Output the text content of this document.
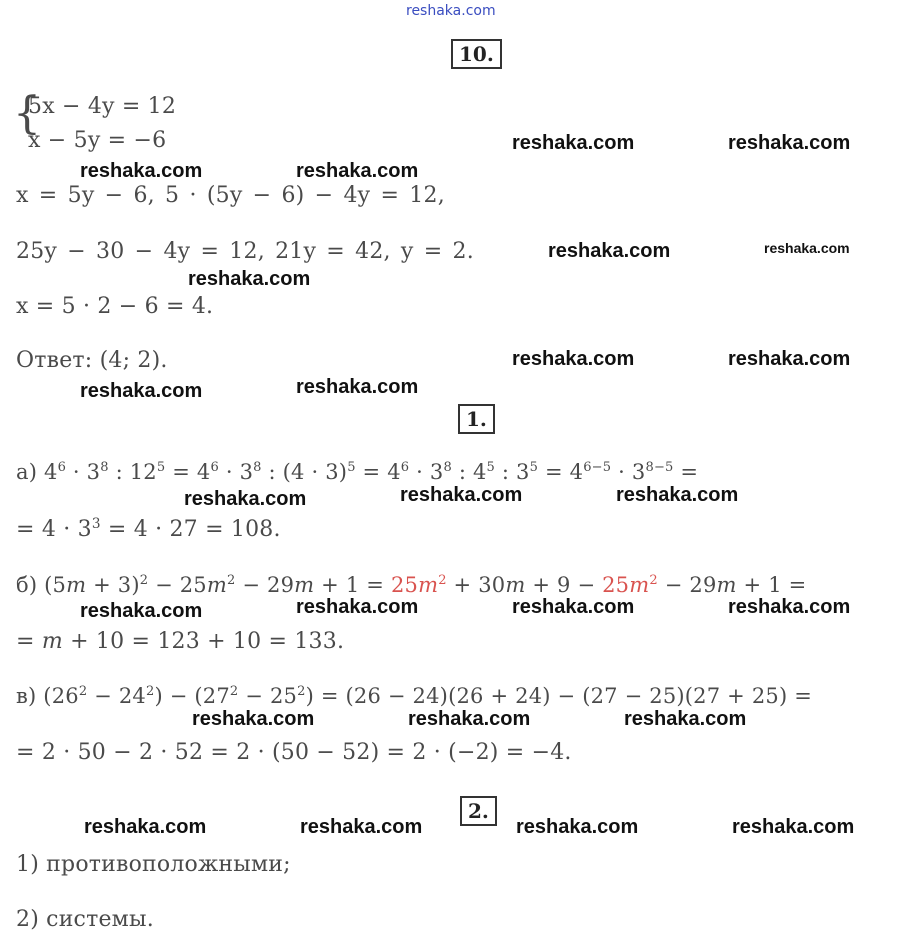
reshaka.com
10.
{
5x − 4y = 12
x − 5y = −6
x = 5y − 6, 5 · (5y − 6) − 4y = 12,
25y − 30 − 4y = 12, 21y = 42, y = 2.
x = 5 · 2 − 6 = 4.
Ответ: (4; 2).
1.
а) $4^6 \cdot 3^8$ : $12^5 = 4^6 \cdot 3^8$ : $(4 \cdot 3)^5 = 4^6 \cdot 3^8$ : $4^5$ : $3^5 = 4^{6-5} \cdot 3^{8-5}$ =
= $4 \cdot 3^3 = 4 \cdot 27 = 108$.
б) $(5m + 3)^2 - 25m^2 - 29m + 1 = 25m^2 + 30m + 9 - 25m^2 - 29m + 1$ =
= m + 10 = 123 + 10 = 133.
в) $(26^2 - 24^2) - (27^2 - 25^2) = (26 - 24)(26 + 24) - (27 - 25)(27 + 25)$ =
= 2 · 50 − 2 · 52 = 2 · (50 − 52) = 2 · (−2) = −4.
2.
1) противоположными;
2) системы.
reshaka.com	reshaka.com
reshaka.com	reshaka.com
reshaka.com	reshaka.com
reshaka.com
reshaka.com	reshaka.com
reshaka.com	reshaka.com
reshaka.com	reshaka.com	reshaka.com
reshaka.com	reshaka.com	reshaka.com	reshaka.com
reshaka.com	reshaka.com	reshaka.com
reshaka.com	reshaka.com	reshaka.com	reshaka.com
